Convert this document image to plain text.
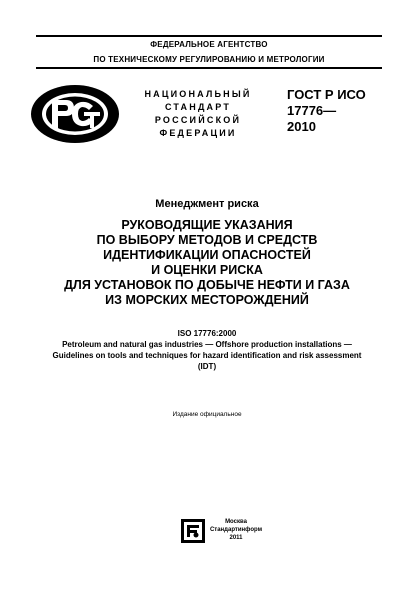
ФЕДЕРАЛЬНОЕ АГЕНТСТВО
ПО ТЕХНИЧЕСКОМУ РЕГУЛИРОВАНИЮ И МЕТРОЛОГИИ
НАЦИОНАЛЬНЫЙ
СТАНДАРТ
РОССИЙСКОЙ
ФЕДЕРАЦИИ
ГОСТ Р ИСО
17776—
2010
Менеджмент риска
РУКОВОДЯЩИЕ УКАЗАНИЯ
ПО ВЫБОРУ МЕТОДОВ И СРЕДСТВ
ИДЕНТИФИКАЦИИ ОПАСНОСТЕЙ
И ОЦЕНКИ РИСКА
ДЛЯ УСТАНОВОК ПО ДОБЫЧЕ НЕФТИ И ГАЗА
ИЗ МОРСКИХ МЕСТОРОЖДЕНИЙ
ISO 17776:2000
Petroleum and natural gas industries — Offshore production installations —
Guidelines on tools and techniques for hazard identification and risk assessment
(IDT)
Издание официальное
Москва
Стандартинформ
2011
